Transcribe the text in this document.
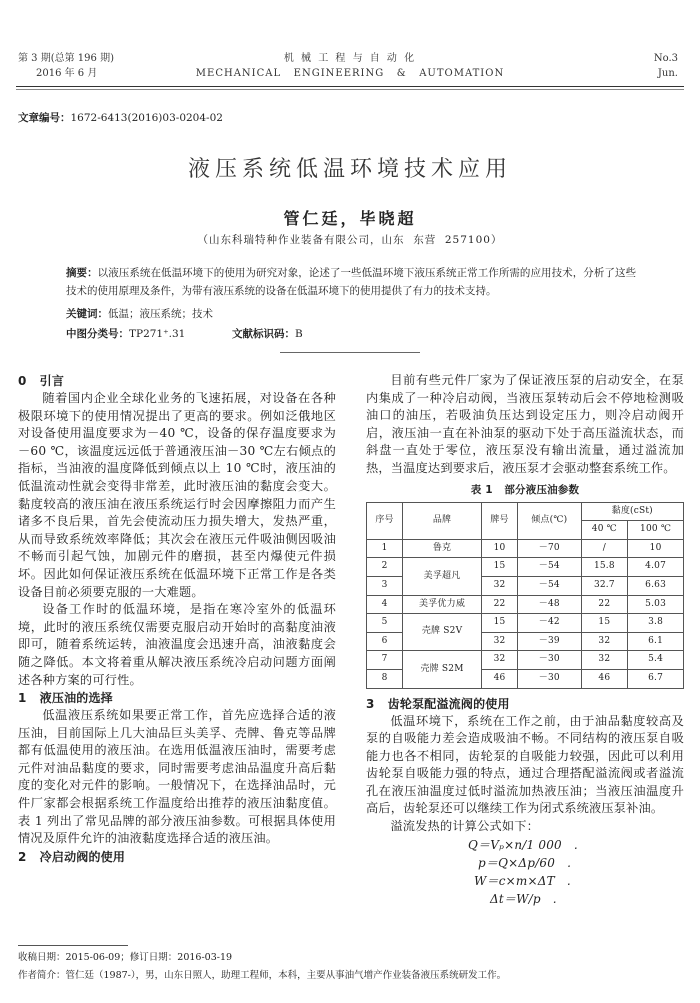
第 3 期(总第 196 期)
2016 年 6 月
机 械 工 程 与 自 动 化
MECHANICAL   ENGINEERING   &   AUTOMATION
No.3
Jun.
文章编号：1672-6413(2016)03-0204-02
液压系统低温环境技术应用
管仁廷，毕晓超
（山东科瑞特种作业装备有限公司，山东  东营  257100）
摘要：以液压系统在低温环境下的使用为研究对象，论述了一些低温环境下液压系统正常工作所需的应用技术，分析了这些技术的使用原理及条件，为带有液压系统的设备在低温环境下的使用提供了有力的技术支持。
关键词：低温；液压系统；技术
中图分类号：TP271⁺.31	文献标识码：B
0   引言

随着国内企业全球化业务的飞速拓展，对设备在各种极限环境下的使用情况提出了更高的要求。例如泛俄地区对设备使用温度要求为－40 ℃，设备的保存温度要求为－60 ℃，该温度远远低于普通液压油－30 ℃左右倾点的指标，当油液的温度降低到倾点以上 10 ℃时，液压油的低温流动性就会变得非常差，此时液压油的黏度会变大。黏度较高的液压油在液压系统运行时会因摩擦阻力而产生诸多不良后果，首先会使流动压力损失增大，发热严重，从而导致系统效率降低；其次会在液压元件吸油侧因吸油不畅而引起气蚀，加剧元件的磨损，甚至内爆使元件损坏。因此如何保证液压系统在低温环境下正常工作是各类设备目前必须要克服的一大难题。

设备工作时的低温环境，是指在寒冷室外的低温环境，此时的液压系统仅需要克服启动开始时的高黏度油液即可，随着系统运转，油液温度会迅速升高，油液黏度会随之降低。本文将着重从解决液压系统冷启动问题方面阐述各种方案的可行性。

1   液压油的选择

低温液压系统如果要正常工作，首先应选择合适的液压油，目前国际上几大油品巨头美孚、壳牌、鲁克等品牌都有低温使用的液压油。在选用低温液压油时，需要考虑元件对油品黏度的要求，同时需要考虑油品温度升高后黏度的变化对元件的影响。一般情况下，在选择油品时，元件厂家都会根据系统工作温度给出推荐的液压油黏度值。表 1 列出了常见品牌的部分液压油参数。可根据具体使用情况及原件允许的油液黏度选择合适的液压油。

2   冷启动阀的使用

目前有些元件厂家为了保证液压泵的启动安全，在泵内集成了一种冷启动阀，当液压泵转动后会不停地检测吸油口的油压，若吸油负压达到设定压力，则冷启动阀开启，液压油一直在补油泵的驱动下处于高压溢流状态，而斜盘一直处于零位，液压泵没有输出流量，通过溢流加热，当温度达到要求后，液压泵才会驱动整套系统工作。

表 1   部分液压油参数
序号	品牌	牌号	倾点(℃)	黏度(cSt)	
				40 ℃	100 ℃
1	鲁克	10	－70	/	10
2	美孚超凡	15	－54	15.8	4.07
3		32	－54	32.7	6.63
4	美孚优力威	22	－48	22	5.03
5	壳牌 S2V	15	－42	15	3.8
6		32	－39	32	6.1
7	壳牌 S2M	32	－30	32	5.4
8		46	－30	46	6.7
3   齿轮泵配溢流阀的使用

低温环境下，系统在工作之前，由于油品黏度较高及泵的自吸能力差会造成吸油不畅。不同结构的液压泵自吸能力也各不相同，齿轮泵的自吸能力较强，因此可以利用齿轮泵自吸能力强的特点，通过合理搭配溢流阀或者溢流孔在液压油温度过低时溢流加热液压油；当液压油温度升高后，齿轮泵还可以继续工作为闭式系统液压泵补油。

溢流发热的计算公式如下：

Q＝Vₚ×n/1 000   .
p＝Q×Δp/60   .
W＝c×m×ΔT   .
Δt＝W/p   .
收稿日期：2015-06-09；修订日期：2016-03-19
作者简介：管仁廷（1987-），男，山东日照人，助理工程师，本科，主要从事油气增产作业装备液压系统研发工作。
